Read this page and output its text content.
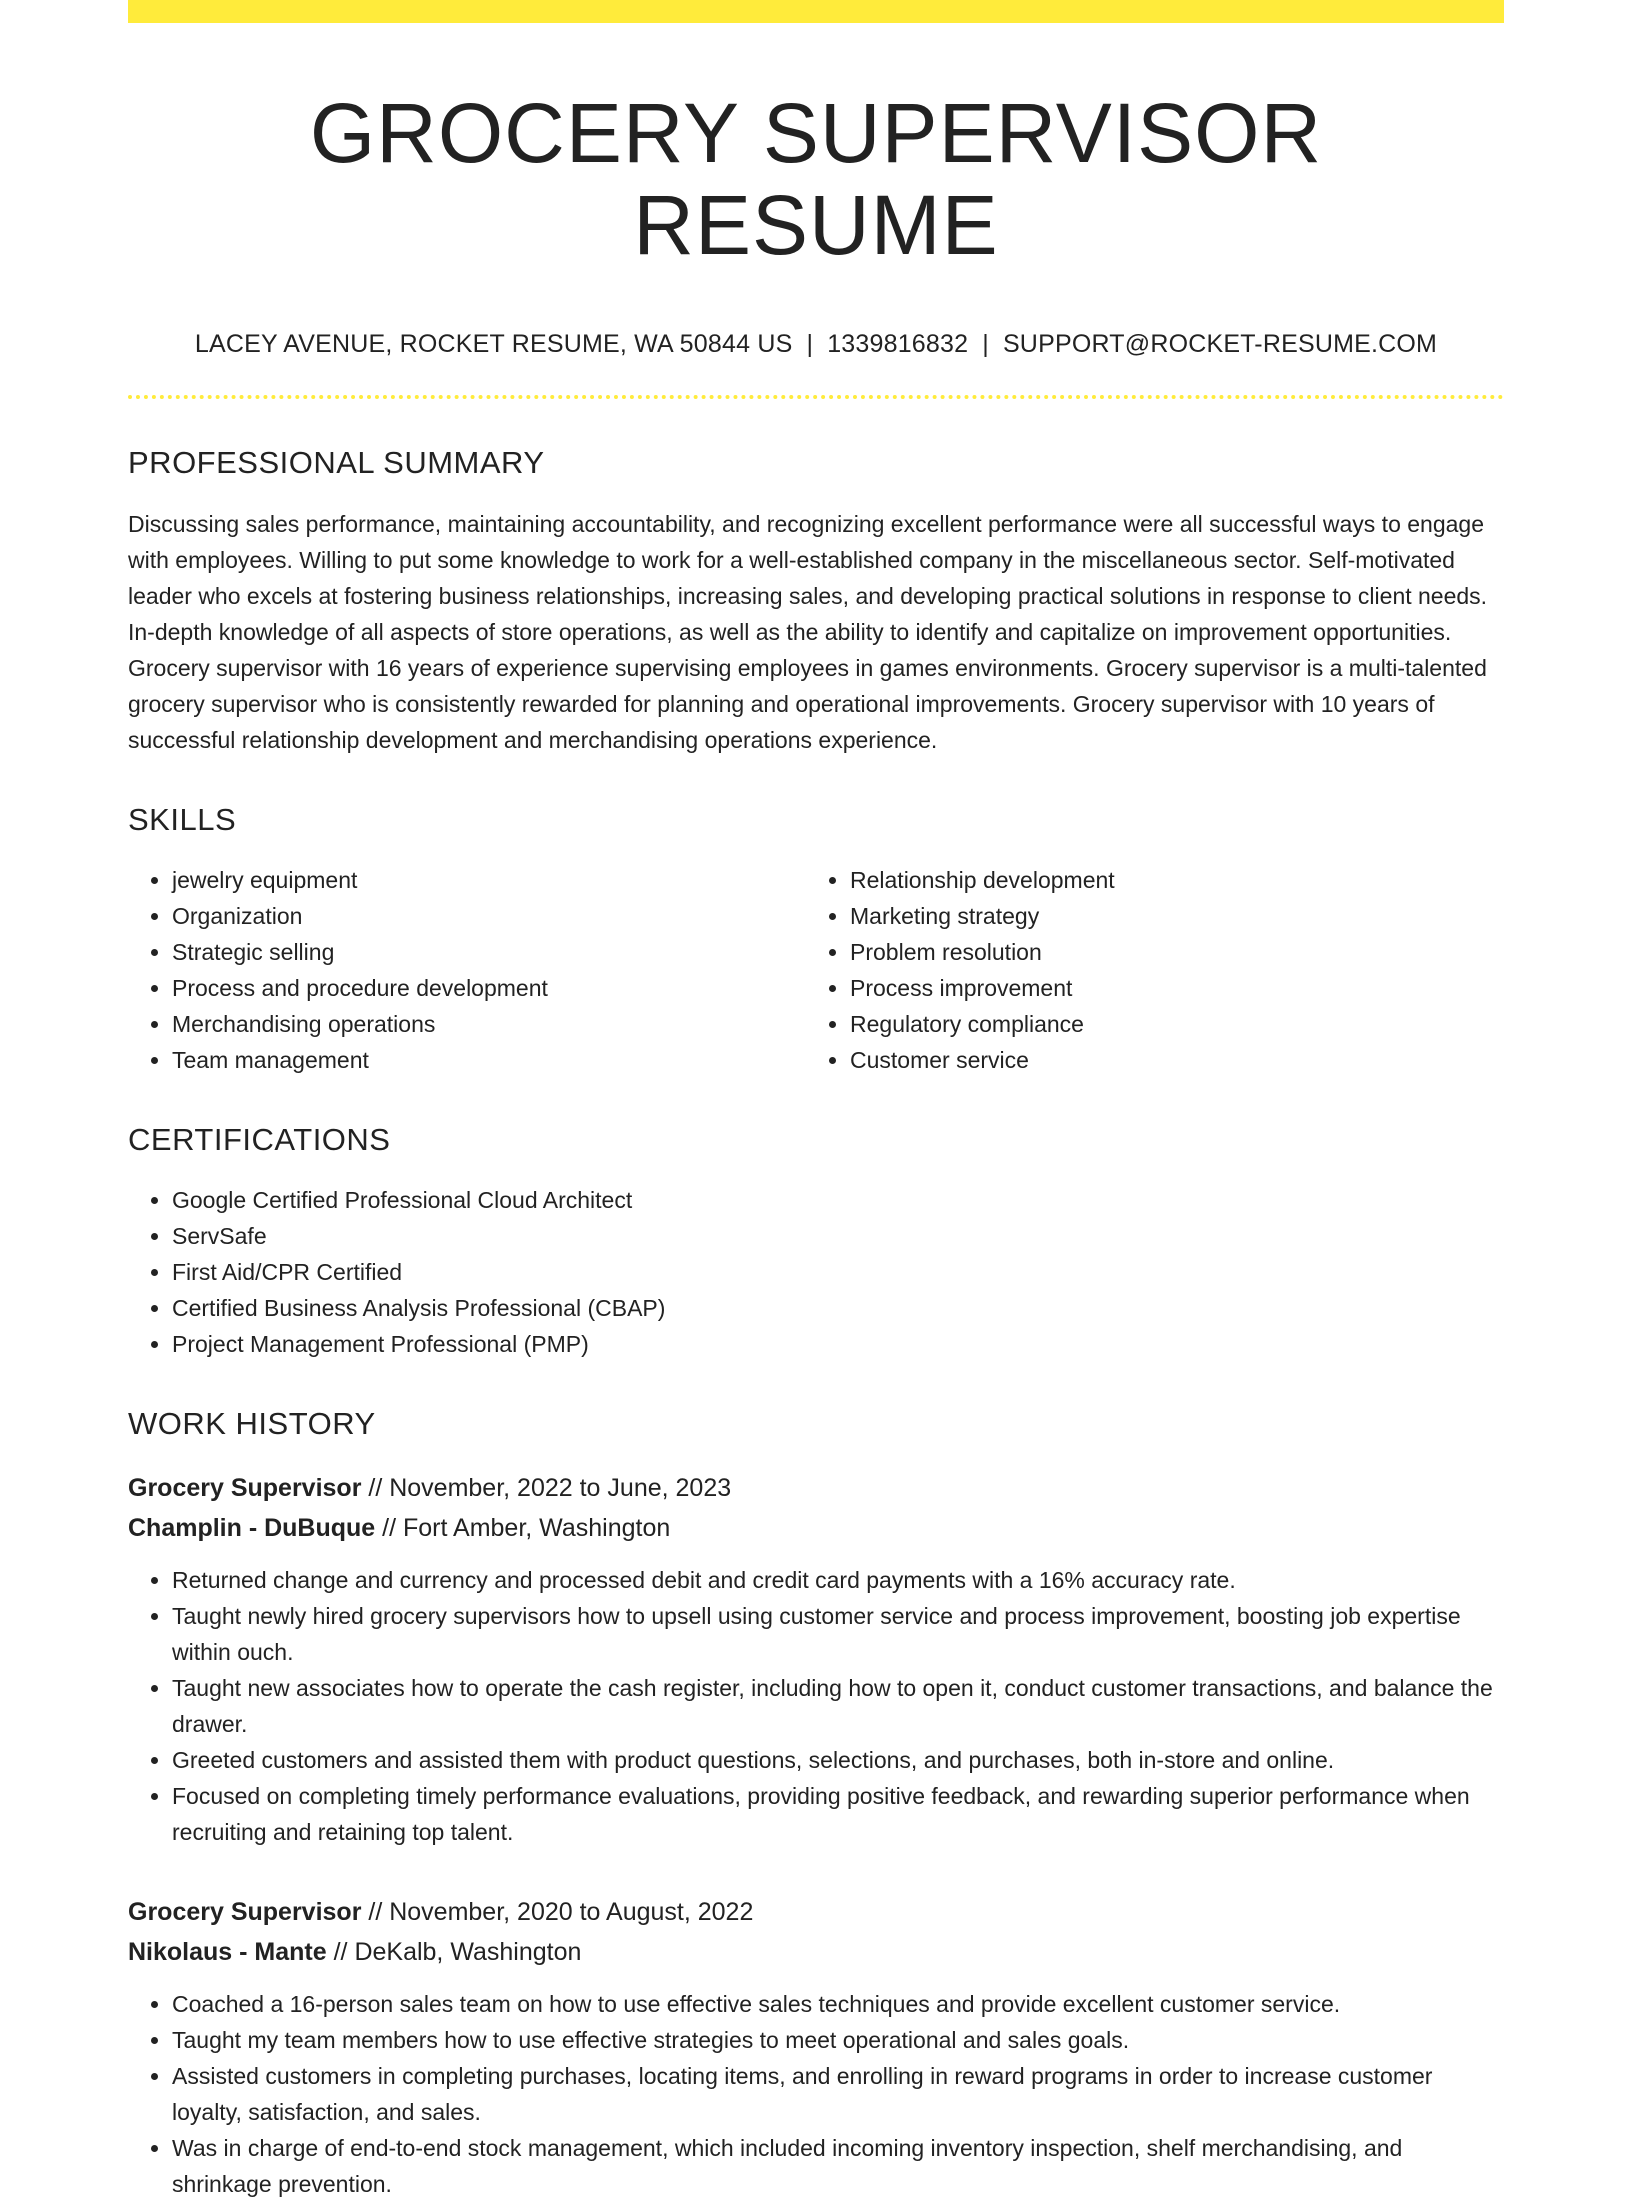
GROCERY SUPERVISOR RESUME
LACEY AVENUE, ROCKET RESUME, WA 50844 US | 1339816832 | SUPPORT@ROCKET-RESUME.COM
PROFESSIONAL SUMMARY
Discussing sales performance, maintaining accountability, and recognizing excellent performance were all successful ways to engage with employees. Willing to put some knowledge to work for a well-established company in the miscellaneous sector. Self-motivated leader who excels at fostering business relationships, increasing sales, and developing practical solutions in response to client needs. In-depth knowledge of all aspects of store operations, as well as the ability to identify and capitalize on improvement opportunities. Grocery supervisor with 16 years of experience supervising employees in games environments. Grocery supervisor is a multi-talented grocery supervisor who is consistently rewarded for planning and operational improvements. Grocery supervisor with 10 years of successful relationship development and merchandising operations experience.
SKILLS
• jewelry equipment
• Organization
• Strategic selling
• Process and procedure development
• Merchandising operations
• Team management
• Relationship development
• Marketing strategy
• Problem resolution
• Process improvement
• Regulatory compliance
• Customer service
CERTIFICATIONS
• Google Certified Professional Cloud Architect
• ServSafe
• First Aid/CPR Certified
• Certified Business Analysis Professional (CBAP)
• Project Management Professional (PMP)
WORK HISTORY
Grocery Supervisor // November, 2022 to June, 2023
Champlin - DuBuque // Fort Amber, Washington
• Returned change and currency and processed debit and credit card payments with a 16% accuracy rate.
• Taught newly hired grocery supervisors how to upsell using customer service and process improvement, boosting job expertise within ouch.
• Taught new associates how to operate the cash register, including how to open it, conduct customer transactions, and balance the drawer.
• Greeted customers and assisted them with product questions, selections, and purchases, both in-store and online.
• Focused on completing timely performance evaluations, providing positive feedback, and rewarding superior performance when recruiting and retaining top talent.
Grocery Supervisor // November, 2020 to August, 2022
Nikolaus - Mante // DeKalb, Washington
• Coached a 16-person sales team on how to use effective sales techniques and provide excellent customer service.
• Taught my team members how to use effective strategies to meet operational and sales goals.
• Assisted customers in completing purchases, locating items, and enrolling in reward programs in order to increase customer loyalty, satisfaction, and sales.
• Was in charge of end-to-end stock management, which included incoming inventory inspection, shelf merchandising, and shrinkage prevention.
